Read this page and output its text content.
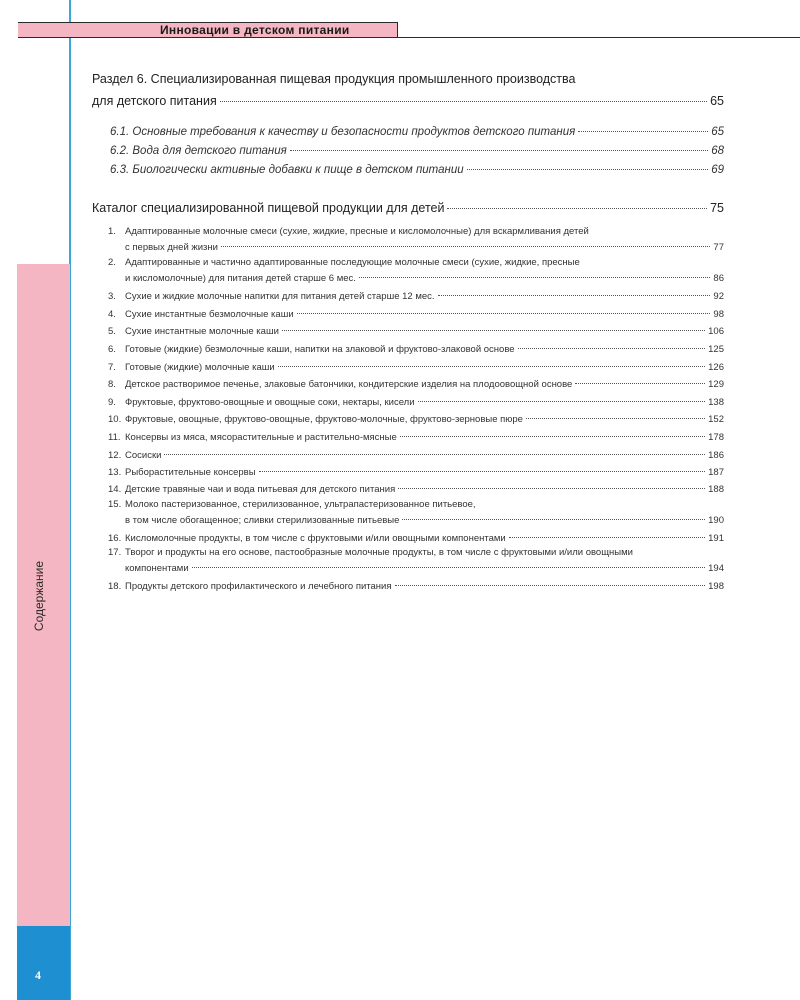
Инновации в детском питании
Содержание
4
Раздел 6. Специализированная пищевая продукция промышленного производства
для детского питания	65
6.1. Основные требования к качеству и безопасности продуктов детского питания	65
6.2. Вода для детского питания	68
6.3. Биологически активные добавки к пище в детском питании	69
Каталог специализированной пищевой продукции для детей	75
1. Адаптированные молочные смеси (сухие, жидкие, пресные и кисломолочные) для вскармливания детей
с первых дней жизни	77
2. Адаптированные и частично адаптированные последующие молочные смеси (сухие, жидкие, пресные
и кисломолочные) для питания детей старше 6 мес.	86
3. Сухие и жидкие молочные напитки для питания детей старше 12 мес.	92
4. Сухие инстантные безмолочные каши	98
5. Сухие инстантные молочные каши	106
6. Готовые (жидкие) безмолочные каши, напитки на злаковой и фруктово-злаковой основе	125
7. Готовые (жидкие) молочные каши	126
8. Детское растворимое печенье, злаковые батончики, кондитерские изделия на плодоовощной основе	129
9. Фруктовые, фруктово-овощные и овощные соки, нектары, кисели	138
10. Фруктовые, овощные, фруктово-овощные, фруктово-молочные, фруктово-зерновые пюре	152
11. Консервы из мяса, мясорастительные и растительно-мясные	178
12. Сосиски	186
13. Рыборастительные консервы	187
14. Детские травяные чаи и вода питьевая для детского питания	188
15. Молоко пастеризованное, стерилизованное, ультрапастеризованное питьевое,
в том числе обогащенное; сливки стерилизованные питьевые	190
16. Кисломолочные продукты, в том числе с фруктовыми и/или овощными компонентами	191
17. Творог и продукты на его основе, пастообразные молочные продукты, в том числе с фруктовыми и/или овощными
компонентами	194
18. Продукты детского профилактического и лечебного питания	198
